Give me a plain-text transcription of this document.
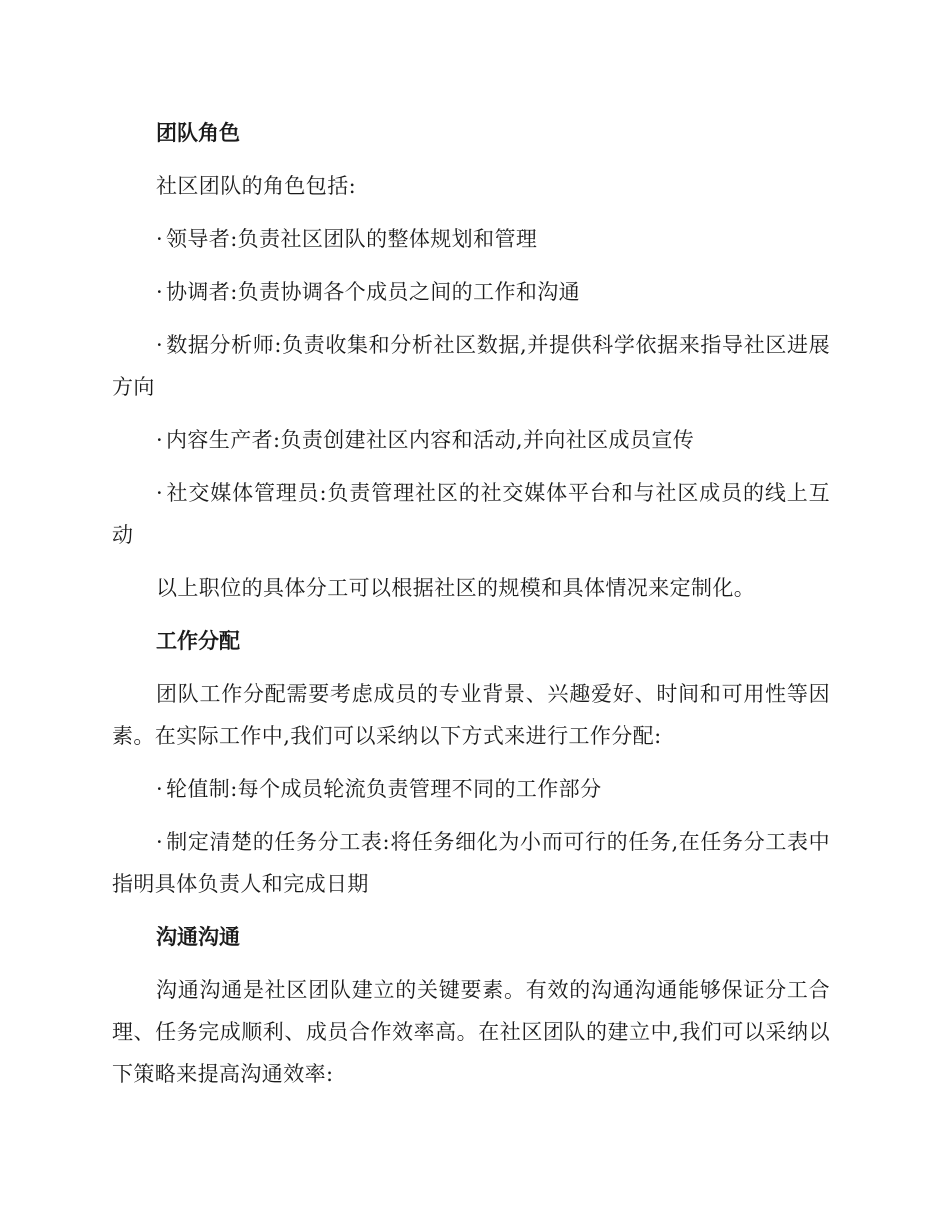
团队角色

社区团队的角色包括:

· 领导者:负责社区团队的整体规划和管理

· 协调者:负责协调各个成员之间的工作和沟通

· 数据分析师:负责收集和分析社区数据,并提供科学依据来指导社区进展方向

· 内容生产者:负责创建社区内容和活动,并向社区成员宣传

· 社交媒体管理员:负责管理社区的社交媒体平台和与社区成员的线上互动

以上职位的具体分工可以根据社区的规模和具体情况来定制化。

工作分配

团队工作分配需要考虑成员的专业背景、兴趣爱好、时间和可用性等因素。在实际工作中,我们可以采纳以下方式来进行工作分配:

· 轮值制:每个成员轮流负责管理不同的工作部分

· 制定清楚的任务分工表:将任务细化为小而可行的任务,在任务分工表中指明具体负责人和完成日期

沟通沟通

沟通沟通是社区团队建立的关键要素。有效的沟通沟通能够保证分工合理、任务完成顺利、成员合作效率高。在社区团队的建立中,我们可以采纳以下策略来提高沟通效率:
